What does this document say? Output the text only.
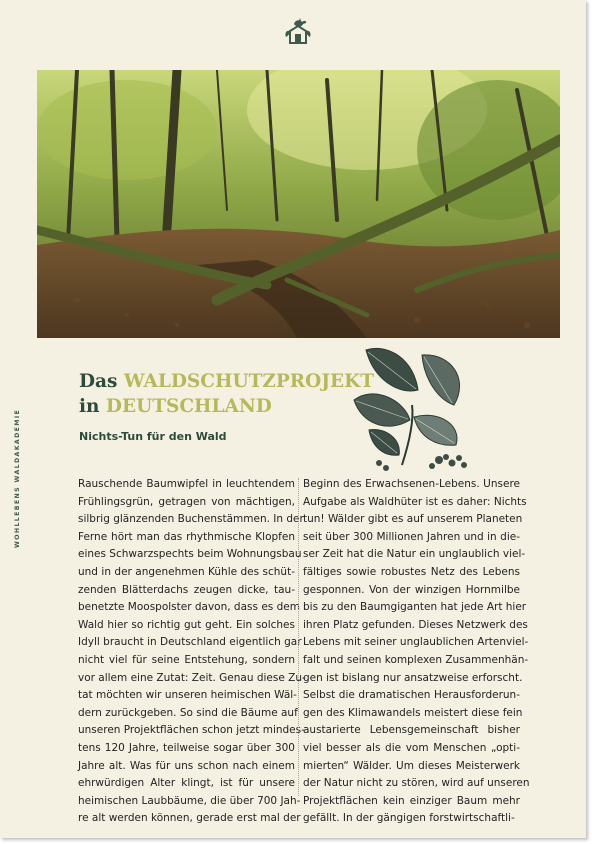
WOHLLEBENS WALDAKADEMIE
Das WALDSCHUTZPROJEKT
in DEUTSCHLAND
Nichts-Tun für den Wald
Rauschende Baumwipfel in leuchtendem
Frühlingsgrün, getragen von mächtigen,
silbrig glänzenden Buchenstämmen. In der
Ferne hört man das rhythmische Klopfen
eines Schwarzspechts beim Wohnungsbau
und in der angenehmen Kühle des schüt-
zenden Blätterdachs zeugen dicke, tau-
benetzte Moospolster davon, dass es dem
Wald hier so richtig gut geht. Ein solches
Idyll braucht in Deutschland eigentlich gar
nicht viel für seine Entstehung, sondern
vor allem eine Zutat: Zeit. Genau diese Zu-
tat möchten wir unseren heimischen Wäl-
dern zurückgeben. So sind die Bäume auf
unseren Projektflächen schon jetzt mindes-
tens 120 Jahre, teilweise sogar über 300
Jahre alt. Was für uns schon nach einem
ehrwürdigen Alter klingt, ist für unsere
heimischen Laubbäume, die über 700 Jah-
re alt werden können, gerade erst mal der
Beginn des Erwachsenen-Lebens. Unsere
Aufgabe als Waldhüter ist es daher: Nichts
tun! Wälder gibt es auf unserem Planeten
seit über 300 Millionen Jahren und in die-
ser Zeit hat die Natur ein unglaublich viel-
fältiges sowie robustes Netz des Lebens
gesponnen. Von der winzigen Hornmilbe
bis zu den Baumgiganten hat jede Art hier
ihren Platz gefunden. Dieses Netzwerk des
Lebens mit seiner unglaublichen Artenviel-
falt und seinen komplexen Zusammenhän-
gen ist bislang nur ansatzweise erforscht.
Selbst die dramatischen Herausforderun-
gen des Klimawandels meistert diese fein
austarierte Lebensgemeinschaft bisher
viel besser als die vom Menschen „opti-
mierten“ Wälder. Um dieses Meisterwerk
der Natur nicht zu stören, wird auf unseren
Projektflächen kein einziger Baum mehr
gefällt. In der gängigen forstwirtschaftli-
